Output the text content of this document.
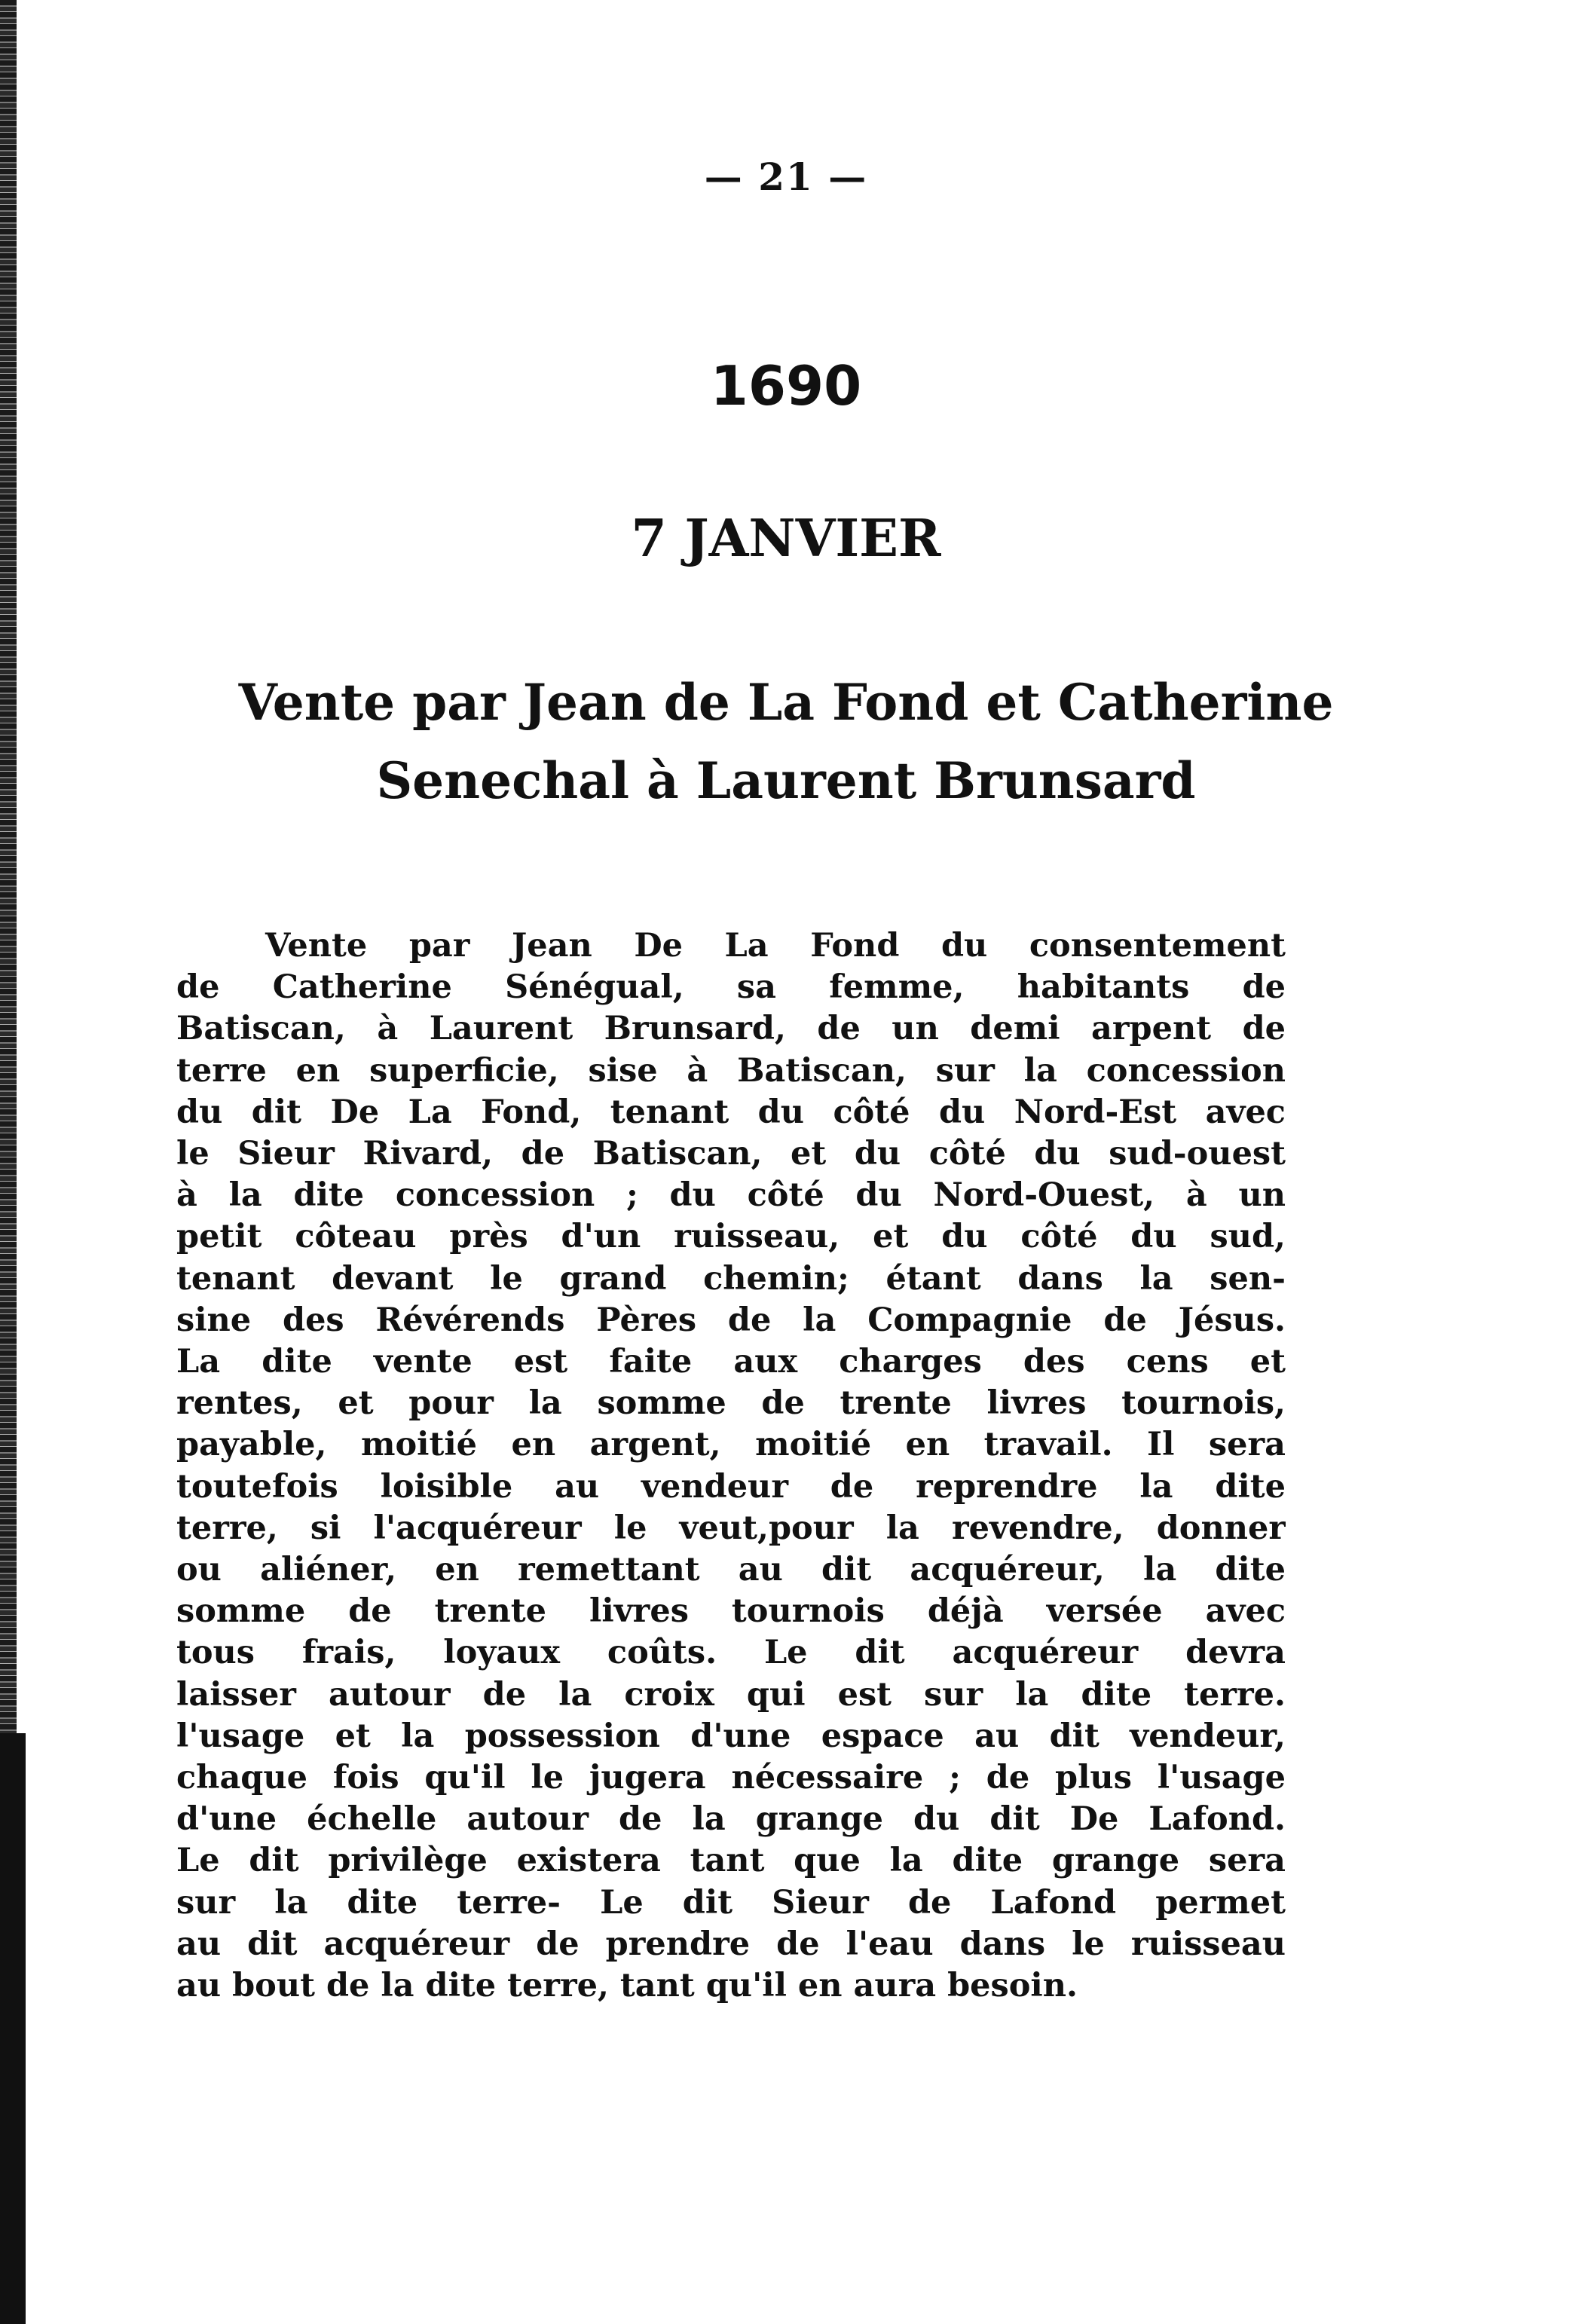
— 21 —
1690
7 JANVIER
Vente par Jean de La Fond et Catherine
Senechal à Laurent Brunsard
Vente par Jean De La Fond du consentement
de Catherine Sénégual, sa femme, habitants de
Batiscan, à Laurent Brunsard, de un demi arpent de
terre en superficie, sise à Batiscan, sur la concession
du dit De La Fond, tenant du côté du Nord-Est avec
le Sieur Rivard, de Batiscan, et du côté du sud-ouest
à la dite concession ; du côté du Nord-Ouest, à un
petit côteau près d'un ruisseau, et du côté du sud,
tenant devant le grand chemin; étant dans la sen-
sine des Révérends Pères de la Compagnie de Jésus.
La dite vente est faite aux charges des cens et
rentes, et pour la somme de trente livres tournois,
payable, moitié en argent, moitié en travail. Il sera
toutefois loisible au vendeur de reprendre la dite
terre, si l'acquéreur le veut,pour la revendre, donner
ou aliéner, en remettant au dit acquéreur, la dite
somme de trente livres tournois déjà versée avec
tous frais, loyaux coûts. Le dit acquéreur devra
laisser autour de la croix qui est sur la dite terre.
l'usage et la possession d'une espace au dit vendeur,
chaque fois qu'il le jugera nécessaire ; de plus l'usage
d'une échelle autour de la grange du dit De Lafond.
Le dit privilège existera tant que la dite grange sera
sur la dite terre- Le dit Sieur de Lafond permet
au dit acquéreur de prendre de l'eau dans le ruisseau
au bout de la dite terre, tant qu'il en aura besoin.
